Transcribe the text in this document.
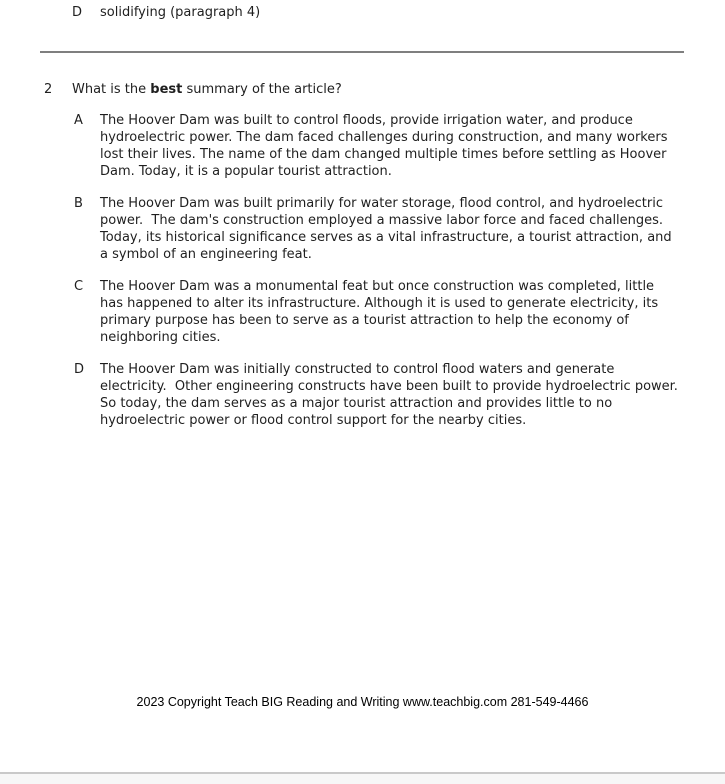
D	solidifying (paragraph 4)
2	What is the best summary of the article?
A	The Hoover Dam was built to control floods, provide irrigation water, and produce hydroelectric power. The dam faced challenges during construction, and many workers lost their lives. The name of the dam changed multiple times before settling as Hoover Dam. Today, it is a popular tourist attraction.

B	The Hoover Dam was built primarily for water storage, flood control, and hydroelectric power.  The dam's construction employed a massive labor force and faced challenges. Today, its historical significance serves as a vital infrastructure, a tourist attraction, and a symbol of an engineering feat.

C	The Hoover Dam was a monumental feat but once construction was completed, little has happened to alter its infrastructure. Although it is used to generate electricity, its primary purpose has been to serve as a tourist attraction to help the economy of neighboring cities.

D	The Hoover Dam was initially constructed to control flood waters and generate electricity.  Other engineering constructs have been built to provide hydroelectric power. So today, the dam serves as a major tourist attraction and provides little to no hydroelectric power or flood control support for the nearby cities.

2023 Copyright Teach BIG Reading and Writing www.teachbig.com 281-549-4466
